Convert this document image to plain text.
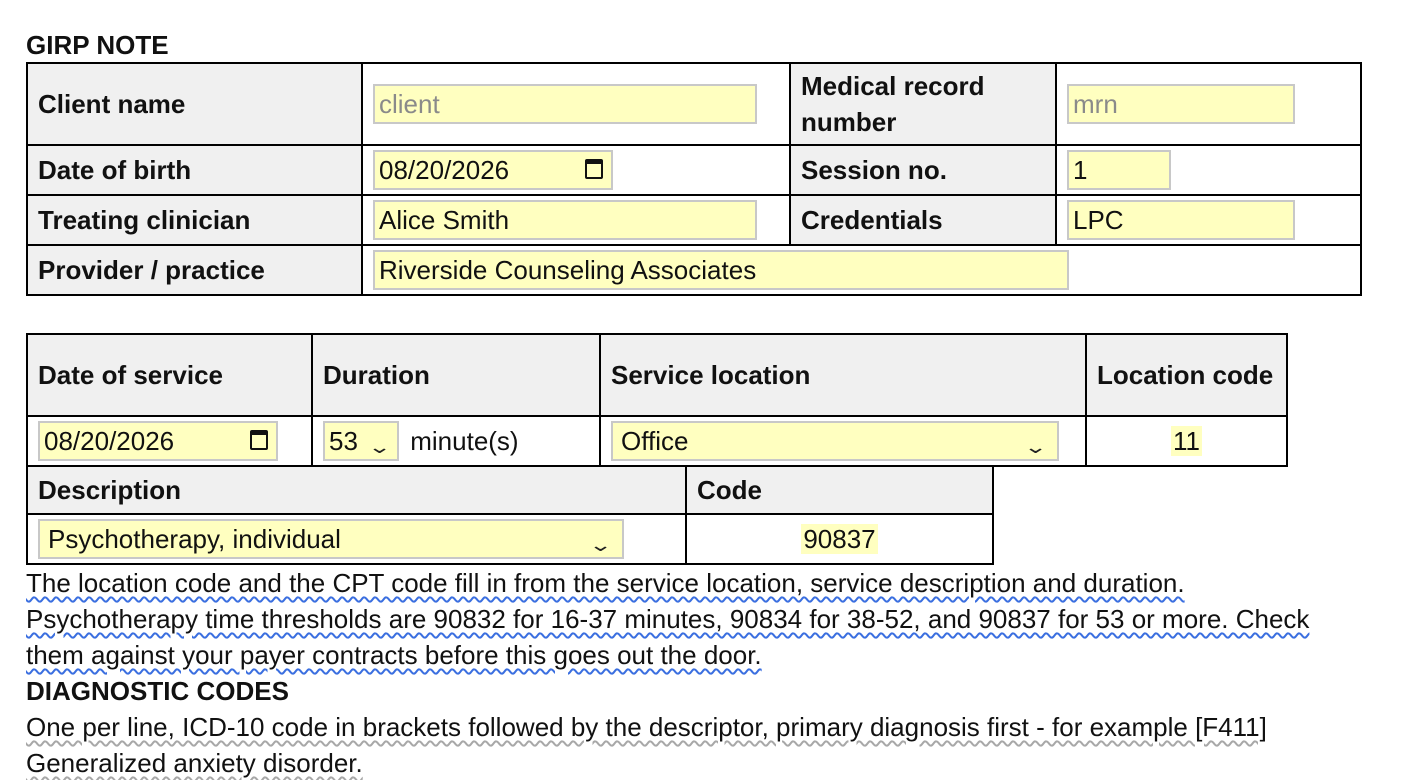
GIRP NOTE
Client name	client	Medical record number	mrn
Date of birth	08/20/2026	Session no.	1
Treating clinician	Alice Smith	Credentials	LPC
Provider / practice	Riverside Counseling Associates		
Date of service	Duration	Service location	Location code
08/20/2026	53 ⌄ minute(s)	Office ⌄	11
Description	Code
Psychotherapy, individual ⌄	90837
The location code and the CPT code fill in from the service location, service description and duration. Psychotherapy time thresholds are 90832 for 16-37 minutes, 90834 for 38-52, and 90837 for 53 or more. Check them against your payer contracts before this goes out the door.
DIAGNOSTIC CODES
One per line, ICD-10 code in brackets followed by the descriptor, primary diagnosis first - for example [F411] Generalized anxiety disorder.
